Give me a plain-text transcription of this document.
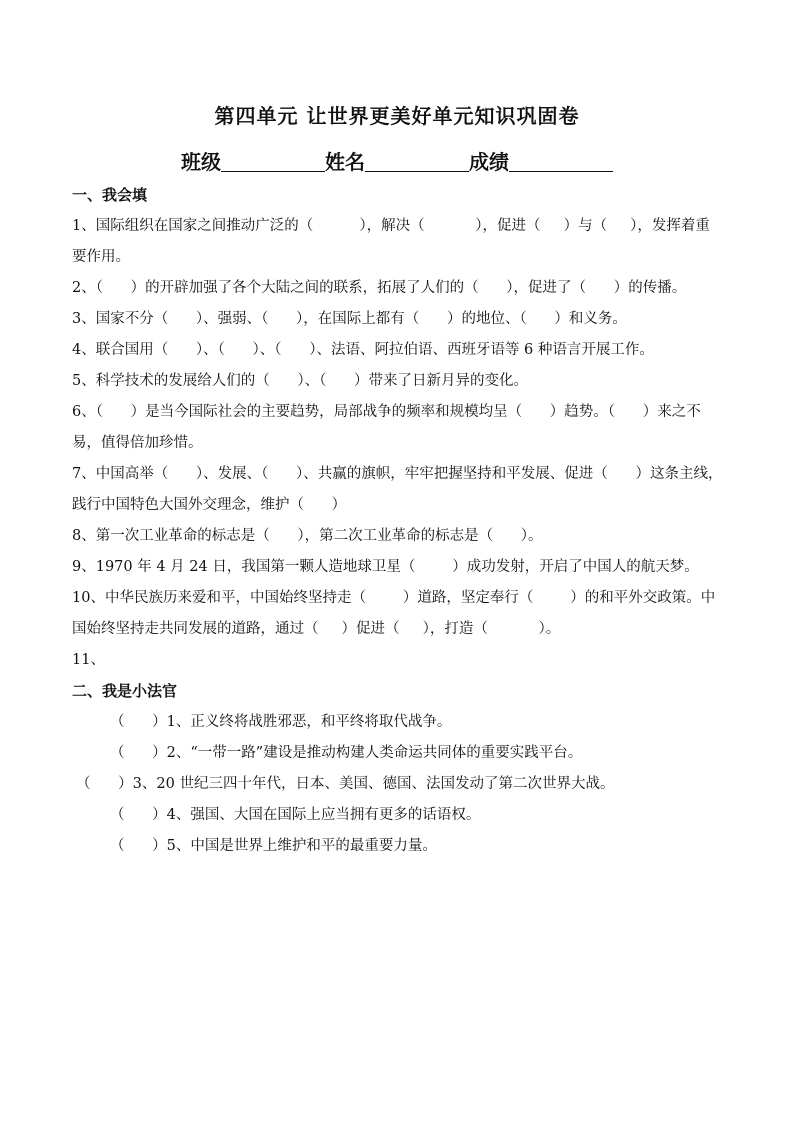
第四单元 让世界更美好单元知识巩固卷
班级	姓名	成绩
一、我会填
1、国际组织在国家之间推动广泛的（	），解决（	），促进（ ）与（ ），发挥着重要作用。
2、（ ）的开辟加强了各个大陆之间的联系，拓展了人们的（ ），促进了（ ）的传播。
3、国家不分（ ）、强弱、（ ），在国际上都有（ ）的地位、（ ）和义务。
4、联合国用（ ）、（ ）、（ ）、法语、阿拉伯语、西班牙语等 6 种语言开展工作。
5、科学技术的发展给人们的（ ）、（ ）带来了日新月异的变化。
6、（ ）是当今国际社会的主要趋势，局部战争的频率和规模均呈（ ）趋势。（ ）来之不易，值得倍加珍惜。
7、中国高举（ ）、发展、（ ）、共赢的旗帜，牢牢把握坚持和平发展、促进（ ）这条主线，践行中国特色大国外交理念，维护（ ）
8、第一次工业革命的标志是（ ），第二次工业革命的标志是（ ）。
9、1970 年 4 月 24 日，我国第一颗人造地球卫星（	）成功发射，开启了中国人的航天梦。
10、中华民族历来爱和平，中国始终坚持走（	）道路，坚定奉行（	）的和平外交政策。中国始终坚持走共同发展的道路，通过（ ）促进（ ），打造（	）。
11、
二、我是小法官
（ ）1、正义终将战胜邪恶，和平终将取代战争。
（ ）2、“一带一路”建设是推动构建人类命运共同体的重要实践平台。
（ ）3、20 世纪三四十年代，日本、美国、德国、法国发动了第二次世界大战。
（ ）4、强国、大国在国际上应当拥有更多的话语权。
（ ）5、中国是世界上维护和平的最重要力量。
